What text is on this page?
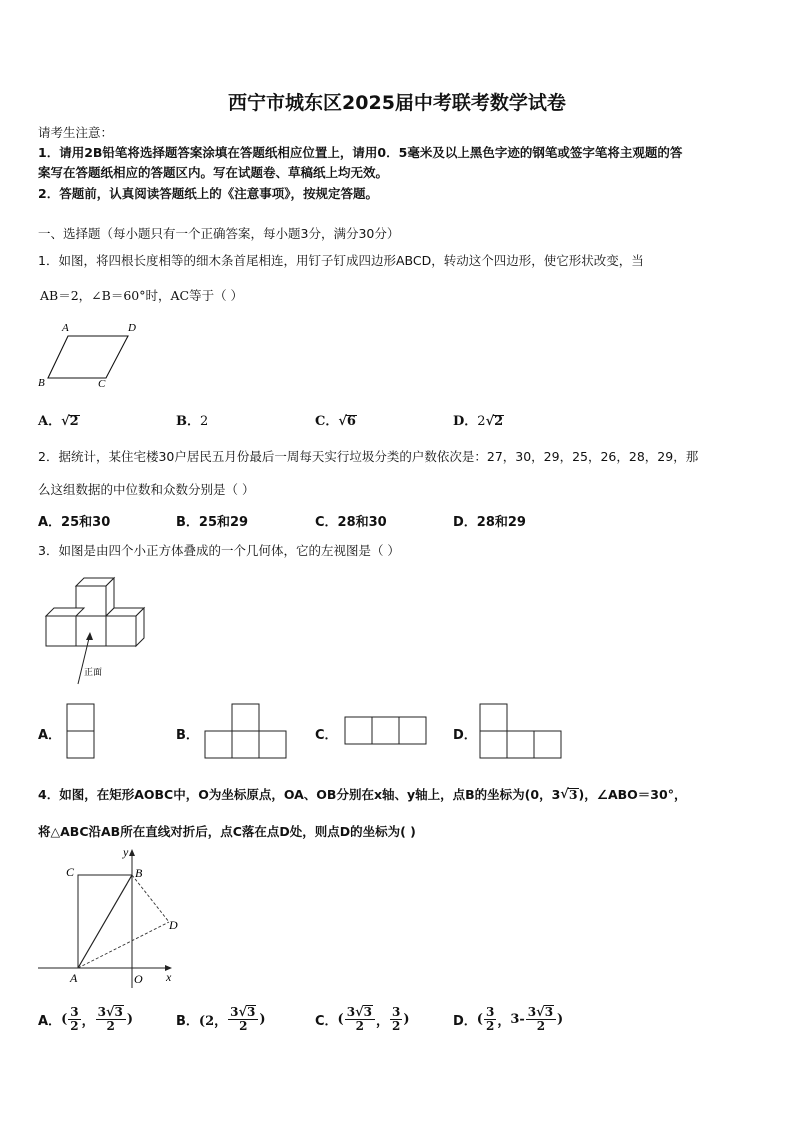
西宁市城东区2025届中考联考数学试卷
请考生注意：
1．请用2B铅笔将选择题答案涂填在答题纸相应位置上，请用0．5毫米及以上黑色字迹的钢笔或签字笔将主观题的答
案写在答题纸相应的答题区内。写在试题卷、草稿纸上均无效。
2．答题前，认真阅读答题纸上的《注意事项》，按规定答题。
一、选择题（每小题只有一个正确答案，每小题3分，满分30分）
1．如图，将四根长度相等的细木条首尾相连，用钉子钉成四边形ABCD，转动这个四边形，使它形状改变，当
AB＝2，∠B＝60°时，AC等于（ ）
A	D
B	C
A．√2	B．2	C．√6	D．2√2
2．据统计，某住宅楼30户居民五月份最后一周每天实行垃圾分类的户数依次是：27，30，29，25，26，28，29，那
么这组数据的中位数和众数分别是（ ）
A．25和30	B．25和29	C．28和30	D．28和29
3．如图是由四个小正方体叠成的一个几何体，它的左视图是（ ）
正面
A．	B．	C．	D．
4．如图，在矩形AOBC中，O为坐标原点，OA、OB分别在x轴、y轴上，点B的坐标为(0，3 √ 3 )，∠ABO＝30°，
将△ABC沿AB所在直线对折后，点C落在点D处，则点D的坐标为( )
y
x
C	B
D
A	O
A． ( $\frac{3}{2}$ ， $\frac{3√3}{2}$ )	B． (2， $\frac{3√3}{2}$ )	C． ( $\frac{3√3}{2}$ ， $\frac{3}{2}$ )	D． ( $\frac{3}{2}$ ， $3- \frac{3√3}{2}$ )
